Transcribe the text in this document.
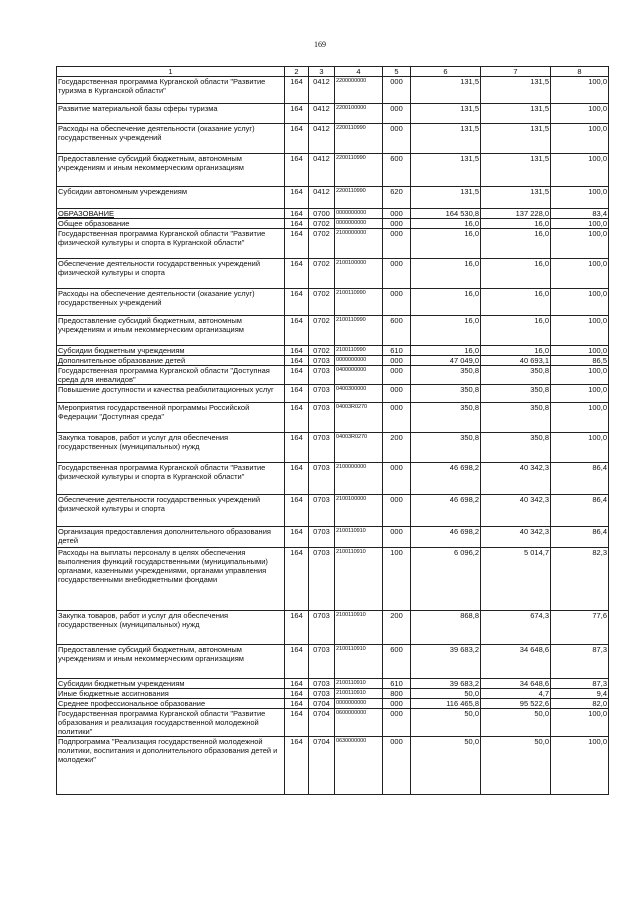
169
1	2	3	4	5	6	7	8
Государственная программа Курганской области "Развитие туризма в Курганской области"	164	0412	2200000000	000	131,5	131,5	100,0
Развитие материальной базы сферы туризма	164	0412	2200100000	000	131,5	131,5	100,0
Расходы на обеспечение деятельности (оказание услуг) государственных учреждений	164	0412	2200110990	000	131,5	131,5	100,0
Предоставление субсидий бюджетным, автономным учреждениям и иным некоммерческим организациям	164	0412	2200110990	600	131,5	131,5	100,0
Субсидии автономным учреждениям	164	0412	2200110990	620	131,5	131,5	100,0
ОБРАЗОВАНИЕ	164	0700	0000000000	000	164 530,8	137 228,0	83,4
Общее образование	164	0702	0000000000	000	16,0	16,0	100,0
Государственная программа Курганской области "Развитие физической культуры и спорта в Курганской области"	164	0702	2100000000	000	16,0	16,0	100,0
Обеспечение деятельности государственных учреждений физической культуры и спорта	164	0702	2100100000	000	16,0	16,0	100,0
Расходы на обеспечение деятельности (оказание услуг) государственных учреждений	164	0702	2100110990	000	16,0	16,0	100,0
Предоставление субсидий бюджетным, автономным учреждениям и иным некоммерческим организациям	164	0702	2100110990	600	16,0	16,0	100,0
Субсидии бюджетным учреждениям	164	0702	2100110990	610	16,0	16,0	100,0
Дополнительное образование детей	164	0703	0000000000	000	47 049,0	40 693,1	86,5
Государственная программа Курганской области "Доступная среда для инвалидов"	164	0703	0400000000	000	350,8	350,8	100,0
Повышение доступности и качества реабилитационных услуг	164	0703	0400300000	000	350,8	350,8	100,0
Мероприятия государственной программы Российской Федерации "Доступная среда"	164	0703	04003R0270	000	350,8	350,8	100,0
Закупка товаров, работ и услуг для обеспечения государственных (муниципальных) нужд	164	0703	04003R0270	200	350,8	350,8	100,0
Государственная программа Курганской области "Развитие физической культуры и спорта в Курганской области"	164	0703	2100000000	000	46 698,2	40 342,3	86,4
Обеспечение деятельности государственных учреждений физической культуры и спорта	164	0703	2100100000	000	46 698,2	40 342,3	86,4
Организация предоставления дополнительного образования детей	164	0703	2100110910	000	46 698,2	40 342,3	86,4
Расходы на выплаты персоналу в целях обеспечения выполнения функций государственными (муниципальными) органами, казенными учреждениями, органами управления государственными внебюджетными фондами	164	0703	2100110910	100	6 096,2	5 014,7	82,3
Закупка товаров, работ и услуг для обеспечения государственных (муниципальных) нужд	164	0703	2100110910	200	868,8	674,3	77,6
Предоставление субсидий бюджетным, автономным учреждениям и иным некоммерческим организациям	164	0703	2100110910	600	39 683,2	34 648,6	87,3
Субсидии бюджетным учреждениям	164	0703	2100110910	610	39 683,2	34 648,6	87,3
Иные бюджетные ассигнования	164	0703	2100110910	800	50,0	4,7	9,4
Среднее профессиональное образование	164	0704	0000000000	000	116 465,8	95 522,6	82,0
Государственная программа Курганской области "Развитие образования и реализация государственной молодежной политики"	164	0704	0600000000	000	50,0	50,0	100,0
Подпрограмма "Реализация государственной молодежной политики, воспитания и дополнительного образования детей и молодежи"	164	0704	0630000000	000	50,0	50,0	100,0
